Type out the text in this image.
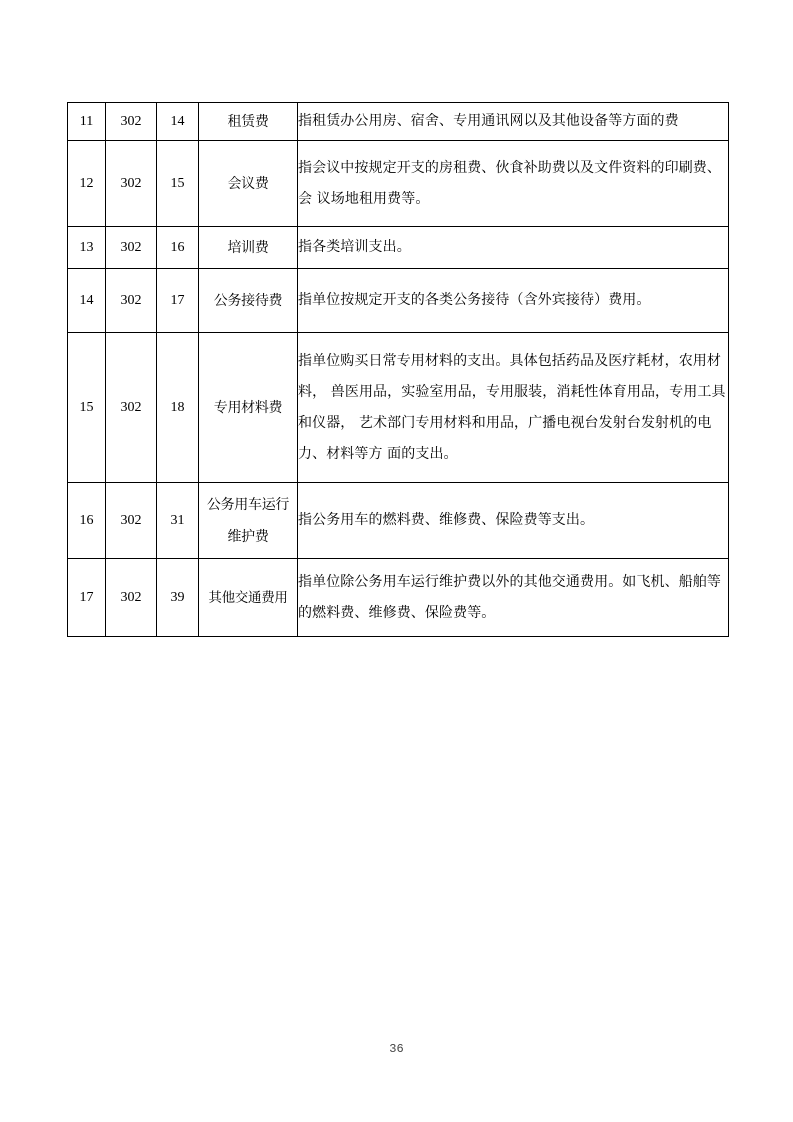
11	302	14	租赁费	指租赁办公用房、宿舍、专用通讯网以及其他设备等方面的费
12	302	15	会议费	指会议中按规定开支的房租费、伙食补助费以及文件资料的印刷费、会 议场地租用费等。
13	302	16	培训费	指各类培训支出。
14	302	17	公务接待费	指单位按规定开支的各类公务接待（含外宾接待）费用。
15	302	18	专用材料费	指单位购买日常专用材料的支出。具体包括药品及医疗耗材，农用材料， 兽医用品，实验室用品，专用服装，消耗性体育用品，专用工具和仪器， 艺术部门专用材料和用品，广播电视台发射台发射机的电力、材料等方 面的支出。
16	302	31	公务用车运行维护费	指公务用车的燃料费、维修费、保险费等支出。
17	302	39	其他交通费用	指单位除公务用车运行维护费以外的其他交通费用。如飞机、船舶等的燃料费、维修费、保险费等。
36
